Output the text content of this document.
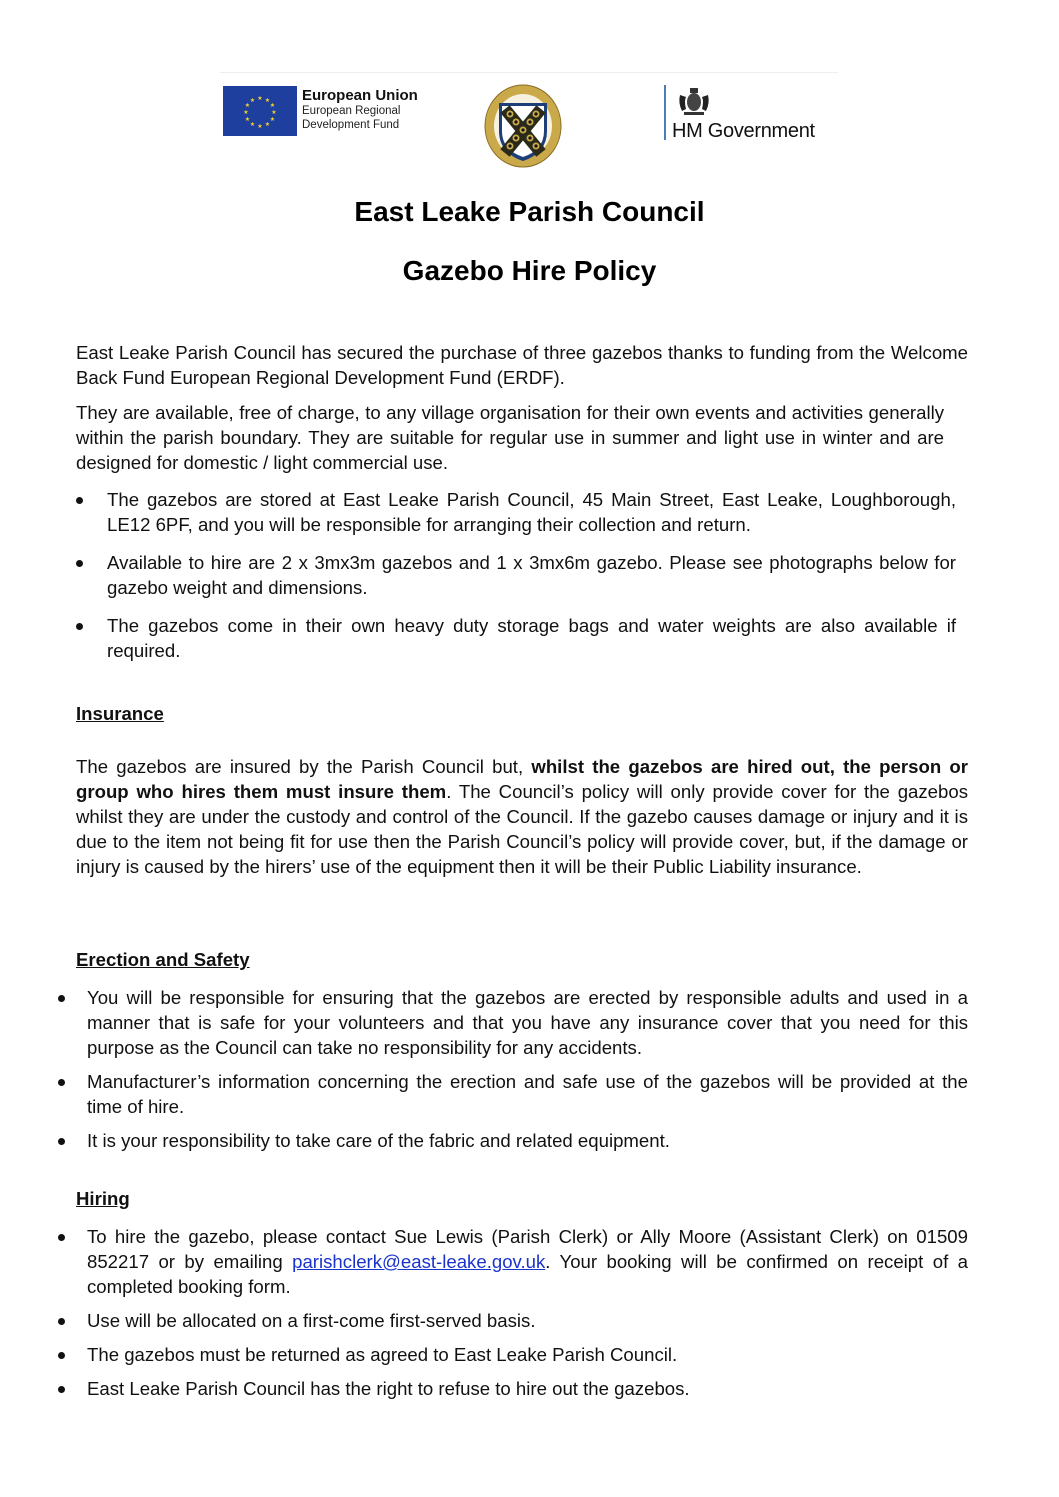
★ ★
★
★
★
★
★
★
★
★
★
★	European Union
European Regional
Development Fund	HM Government
East Leake Parish Council
Gazebo Hire Policy
East Leake Parish Council has secured the purchase of three gazebos thanks to funding from the Welcome Back Fund European Regional Development Fund (ERDF).
They are available, free of charge, to any village organisation for their own events and activities generally within the parish boundary. They are suitable for regular use in summer and light use in winter and are designed for domestic / light commercial use.
The gazebos are stored at East Leake Parish Council, 45 Main Street, East Leake, Loughborough, LE12 6PF, and you will be responsible for arranging their collection and return.
Available to hire are 2 x 3mx3m gazebos and 1 x 3mx6m gazebo. Please see photographs below for gazebo weight and dimensions.
The gazebos come in their own heavy duty storage bags and water weights are also available if required.
Insurance
The gazebos are insured by the Parish Council but, whilst the gazebos are hired out, the person or group who hires them must insure them. The Council’s policy will only provide cover for the gazebos whilst they are under the custody and control of the Council. If the gazebo causes damage or injury and it is due to the item not being fit for use then the Parish Council’s policy will provide cover, but, if the damage or injury is caused by the hirers’ use of the equipment then it will be their Public Liability insurance.
Erection and Safety
You will be responsible for ensuring that the gazebos are erected by responsible adults and used in a manner that is safe for your volunteers and that you have any insurance cover that you need for this purpose as the Council can take no responsibility for any accidents.
Manufacturer’s information concerning the erection and safe use of the gazebos will be provided at the time of hire.
It is your responsibility to take care of the fabric and related equipment.
Hiring
To hire the gazebo, please contact Sue Lewis (Parish Clerk) or Ally Moore (Assistant Clerk) on 01509 852217 or by emailing parishclerk@east-leake.gov.uk. Your booking will be confirmed on receipt of a completed booking form.
Use will be allocated on a first-come first-served basis.
The gazebos must be returned as agreed to East Leake Parish Council.
East Leake Parish Council has the right to refuse to hire out the gazebos.
